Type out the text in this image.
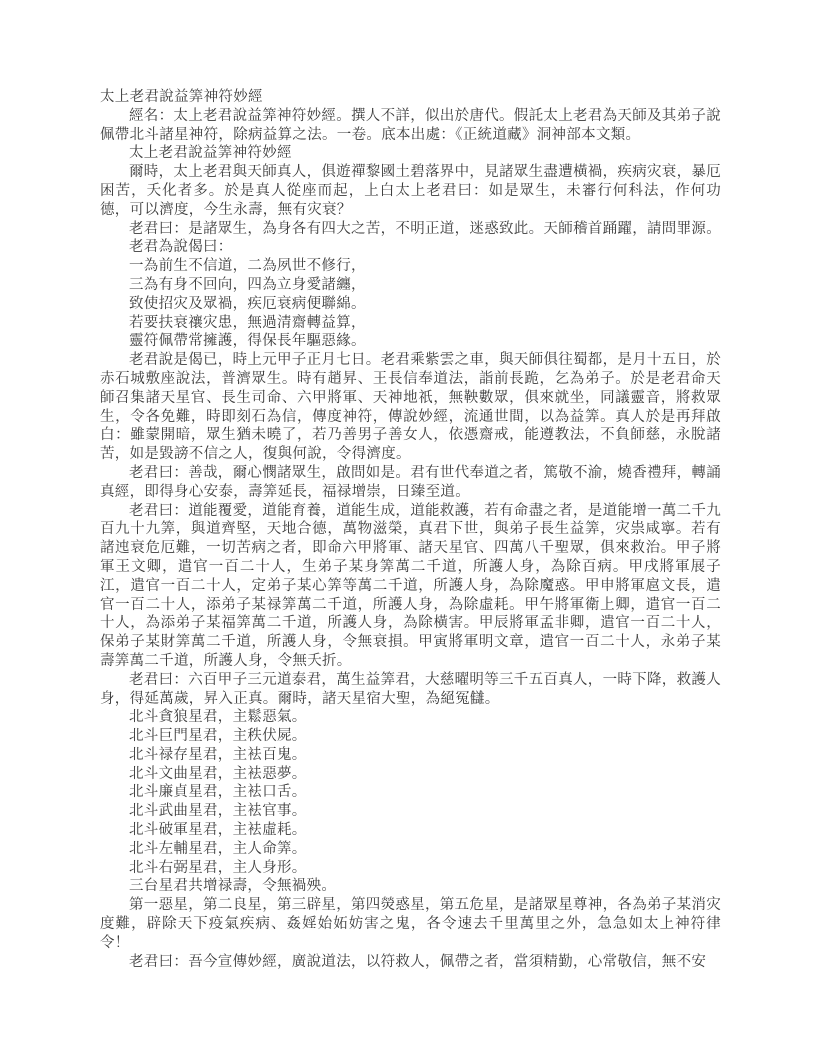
太上老君說益筭神符妙經

經名：太上老君說益筭神符妙經。撰人不詳，似出於唐代。假託太上老君為天師及其弟子說佩帶北斗諸星神符，除病益算之法。一卷。底本出處：《正統道藏》洞神部本文類。

太上老君說益筭神符妙經

爾時，太上老君與天師真人，俱遊禪黎國土碧落界中，見諸眾生盡遭橫禍，疾病灾衰，暴厄困苦，夭化者多。於是真人從座而起，上白太上老君曰：如是眾生，未審行何科法，作何功德，可以濟度，今生永壽，無有灾衰？

老君曰：是諸眾生，為身各有四大之苦，不明正道，迷惑致此。天師稽首踊躍，請問罪源。

老君為說偈曰：

一為前生不信道，二為夙世不修行，

三為有身不回向，四為立身愛諸纏，

致使招灾及眾禍，疾厄衰病便聯綿。

若要扶衰禳灾患，無過清齋轉益算，

靈符佩帶常擁護，得保長年驅惡緣。

老君說是偈已，時上元甲子正月七日。老君乘紫雲之車，與天師俱往蜀都，是月十五日，於赤石城敷座說法，普濟眾生。時有趙昇、王長信奉道法，詣前長跪，乞為弟子。於是老君命天師召集諸天星官、長生司命、六甲將軍、天神地祇，無鞅數眾，俱來就坐，同議靈音，將救眾生，令各免難，時即刻石為信，傳度神符，傳說妙經，流通世間，以為益筭。真人於是再拜啟白：雖蒙開暗，眾生猶未曉了，若乃善男子善女人，依憑齋戒，能遵教法，不負師慈，永脫諸苦，如是毀謗不信之人，復與何說，令得濟度。

老君曰：善哉，爾心憫諸眾生，啟問如是。君有世代奉道之者，篤敬不渝，燒香禮拜，轉誦真經，即得身心安泰，壽筭延長，福禄增崇，日臻至道。

老君曰：道能覆愛，道能育養，道能生成，道能救護，若有命盡之者，是道能增一萬二千九百九十九筭，與道齊堅，天地合德，萬物滋榮，真君下世，與弟子長生益筭，灾祟咸寧。若有諸迍衰危厄難，一切苦病之者，即命六甲將軍、諸天星官、四萬八千聖眾，俱來救治。甲子將軍王文卿，遣官一百二十人，生弟子某身筭萬二千道，所護人身，為除百病。甲戌將軍展子江，遣官一百二十人，定弟子某心筭等萬二千道，所護人身，為除魔惑。甲申將軍扈文長，遣官一百二十人，添弟子某禄筭萬二千道，所護人身，為除虛耗。甲午將軍衛上卿，遣官一百二十人，為添弟子某福筭萬二千道，所護人身，為除橫害。甲辰將軍孟非卿，遣官一百二十人，保弟子某財筭萬二千道，所護人身，令無衰損。甲寅將軍明文章，遣官一百二十人，永弟子某壽筭萬二千道，所護人身，令無夭折。

老君曰：六百甲子三元道泰君，萬生益筭君，大慈曜明等三千五百真人，一時下降，救護人身，得延萬歲，昇入正真。爾時，諸天星宿大聖，為絕冤讎。

北斗貪狼星君，主鬆惡氣。

北斗巨門星君，主秩伏屍。

北斗禄存星君，主袪百鬼。

北斗文曲星君，主袪惡夢。

北斗廉貞星君，主袪口舌。

北斗武曲星君，主袪官事。

北斗破軍星君，主袪虛耗。

北斗左輔星君，主人命筭。

北斗右弼星君，主人身形。

三台星君共增禄壽，令無禍殃。

第一惡星，第二良星，第三辟星，第四熒惑星，第五危星，是諸眾星尊神，各為弟子某消灾度難，辟除天下疫氣疾病、姦婬始妬妨害之鬼，各令速去千里萬里之外，急急如太上神符律令！

老君曰：吾今宣傳妙經，廣說道法，以符救人，佩帶之者，當須精勤，心常敬信，無不安
